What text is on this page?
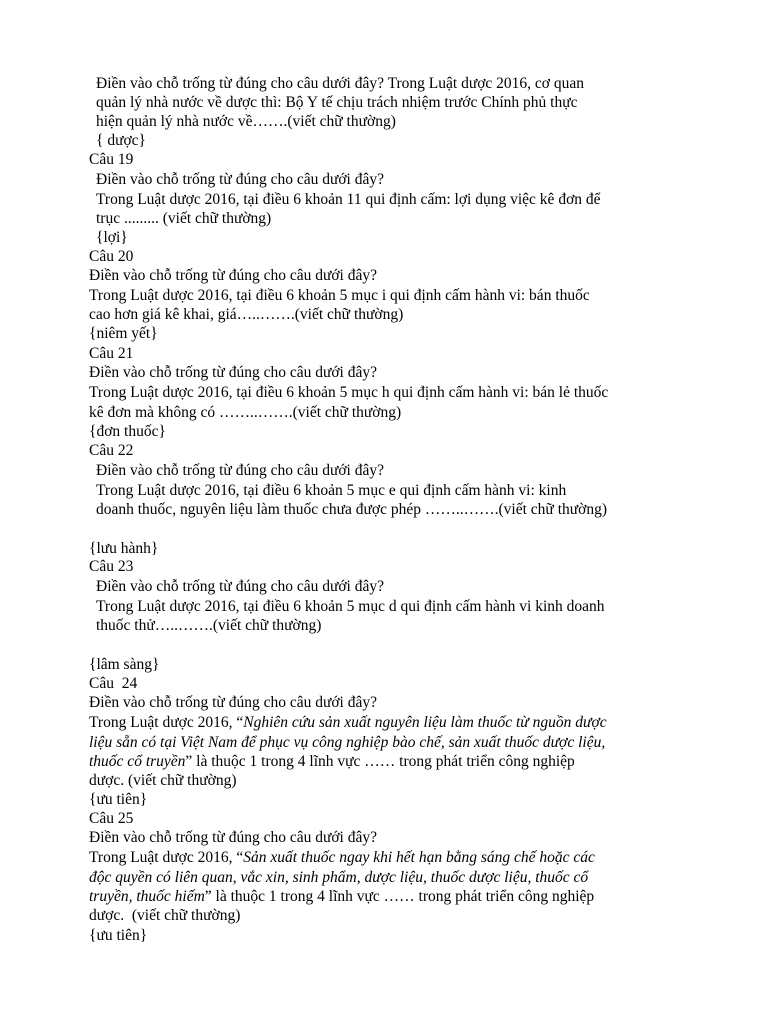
Điền vào chỗ trống từ đúng cho câu dưới đây? Trong Luật dược 2016, cơ quan

quản lý nhà nước về dược thì: Bộ Y tế chịu trách nhiệm trước Chính phủ thực

hiện quản lý nhà nước về…….(viết chữ thường)

{ dược}

Câu 19

Điền vào chỗ trống từ đúng cho câu dưới đây?

Trong Luật dược 2016, tại điều 6 khoản 11 qui định cấm: lợi dụng việc kê đơn để

trục ......... (viết chữ thường)

{lợi}

Câu 20

Điền vào chỗ trống từ đúng cho câu dưới đây?

Trong Luật dược 2016, tại điều 6 khoản 5 mục i qui định cấm hành vi: bán thuốc

cao hơn giá kê khai, giá…..…….(viết chữ thường)

{niêm yết}

Câu 21

Điền vào chỗ trống từ đúng cho câu dưới đây?

Trong Luật dược 2016, tại điều 6 khoản 5 mục h qui định cấm hành vi: bán lẻ thuốc

kê đơn mà không có ……..…….(viết chữ thường)

{đơn thuốc}

Câu 22

Điền vào chỗ trống từ đúng cho câu dưới đây?

Trong Luật dược 2016, tại điều 6 khoản 5 mục e qui định cấm hành vi: kinh

doanh thuốc, nguyên liệu làm thuốc chưa được phép ……..…….(viết chữ thường)

{lưu hành}

Câu 23

Điền vào chỗ trống từ đúng cho câu dưới đây?

Trong Luật dược 2016, tại điều 6 khoản 5 mục d qui định cấm hành vi kinh doanh

thuốc thử…..…….(viết chữ thường)

{lâm sàng}

Câu  24

Điền vào chỗ trống từ đúng cho câu dưới đây?

Trong Luật dược 2016, “Nghiên cứu sản xuất nguyên liệu làm thuốc từ nguồn dược

liệu sẵn có tại Việt Nam để phục vụ công nghiệp bào chế, sản xuất thuốc dược liệu,

thuốc cổ truyền” là thuộc 1 trong 4 lĩnh vực …… trong phát triển công nghiệp

dược. (viết chữ thường)

{ưu tiên}

Câu 25

Điền vào chỗ trống từ đúng cho câu dưới đây?

Trong Luật dược 2016, “Sản xuất thuốc ngay khi hết hạn bằng sáng chế hoặc các

độc quyền có liên quan, vắc xin, sinh phẩm, dược liệu, thuốc dược liệu, thuốc cổ

truyền, thuốc hiếm” là thuộc 1 trong 4 lĩnh vực …… trong phát triển công nghiệp

dược.  (viết chữ thường)

{ưu tiên}
